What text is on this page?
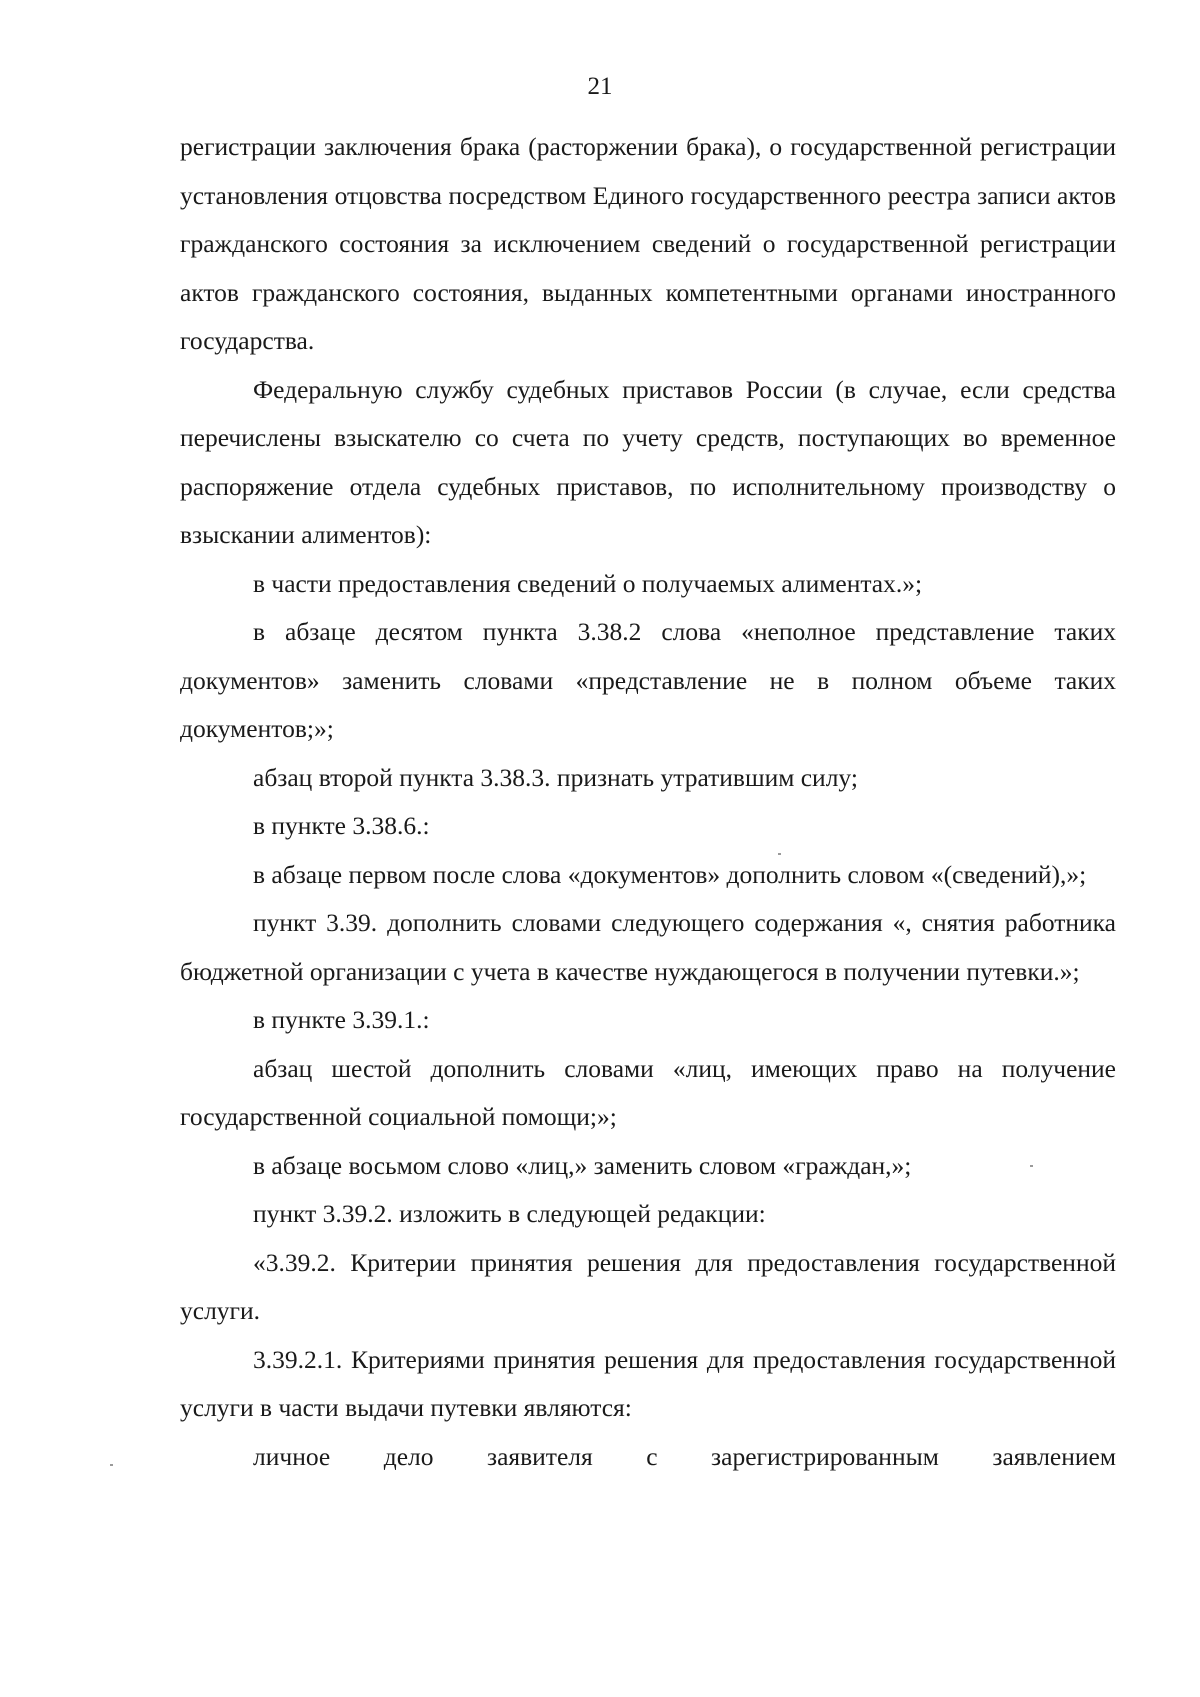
21

регистрации заключения брака (расторжении брака), о государственной регистрации установления отцовства посредством Единого государственного реестра записи актов гражданского состояния за исключением сведений о государственной регистрации актов гражданского состояния, выданных компетентными органами иностранного государства.

Федеральную службу судебных приставов России (в случае, если средства перечислены взыскателю со счета по учету средств, поступающих во временное распоряжение отдела судебных приставов, по исполнительному производству о взыскании алиментов):

в части предоставления сведений о получаемых алиментах.»;

в абзаце десятом пункта 3.38.2 слова «неполное представление таких документов» заменить словами «представление не в полном объеме таких документов;»;

абзац второй пункта 3.38.3. признать утратившим силу;

в пункте 3.38.6.:

в абзаце первом после слова «документов» дополнить словом «(сведений),»;

пункт 3.39. дополнить словами следующего содержания «, снятия работника бюджетной организации с учета в качестве нуждающегося в получении путевки.»;

в пункте 3.39.1.:

абзац шестой дополнить словами «лиц, имеющих право на получение государственной социальной помощи;»;

в абзаце восьмом слово «лиц,» заменить словом «граждан,»;

пункт 3.39.2. изложить в следующей редакции:

«3.39.2. Критерии принятия решения для предоставления государственной услуги.

3.39.2.1. Критериями принятия решения для предоставления государственной услуги в части выдачи путевки являются:

личное дело заявителя с зарегистрированным заявлением
